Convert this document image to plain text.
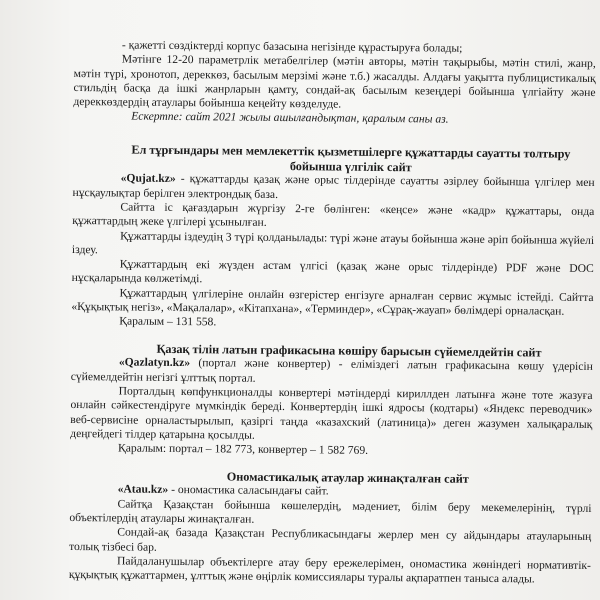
- қажетті сөздіктерді корпус базасына негізінде құрастыруға болады;

Мәтінге 12-20 параметрлік метабелгілер (мәтін авторы, мәтін тақырыбы, мәтін стилі, жанр, мәтін түрі, хронотоп, дереккөз, басылым мерзімі және т.б.) жасалды. Алдағы уақытта публицистикалық стильдің басқа да ішкі жанрларын қамту, сондай-ақ басылым кезеңдері бойынша үлгіайту және дереккөздердің атаулары бойынша кеңейту көзделуде.

Ескертпе: сайт 2021 жылы ашылғандықтан, қаралым саны аз.

Ел тұрғындары мен мемлекеттік қызметшілерге құжаттарды сауатты толтыру бойынша үлгілік сайт

«Qujat.kz» - құжаттарды қазақ және орыс тілдерінде сауатты әзірлеу бойынша үлгілер мен нұсқаулықтар берілген электрондық база.

Сайтта іс қағаздарын жүргізу 2-ге бөлінген: «кеңсе» және «кадр» құжаттары, онда құжаттардың жеке үлгілері ұсынылған.

Құжаттарды іздеудің 3 түрі қолданылады: түрі және атауы бойынша және әріп бойынша жүйелі іздеу.

Құжаттардың екі жүзден астам үлгісі (қазақ және орыс тілдерінде) PDF және DOC нұсқаларында көлжетімді.

Құжаттардың үлгілеріне онлайн өзгерістер енгізуге арналған сервис жұмыс істейді. Сайтта «Құқықтық негіз», «Мақалалар», «Кітапхана», «Терминдер», «Сұрақ-жауап» бөлімдері орналасқан.

Қаралым – 131 558.

Қазақ тілін латын графикасына көшіру барысын сүйемелдейтін сайт

«Qazlatyn.kz» (портал және конвертер) - еліміздегі латын графикасына көшу үдерісін сүйемелдейтін негізгі ұлттық портал.

Порталдың көпфункционалды конвертері мәтіндерді кириллден латынға және тоте жазуға онлайн сәйкестендіруге мүмкіндік береді. Конвертердің ішкі ядросы (кодтары) «Яндекс переводчик» веб-сервисіне орналастырылып, қазіргі таңда «казахский (латиница)» деген жазумен халықаралық деңгейдегі тілдер қатарына қосылды.

Қаралым: портал – 182 773, конвертер – 1 582 769.

Ономастикалық атаулар жинақталған сайт

«Atau.kz» - ономастика саласындағы сайт.

Сайтқа Қазақстан бойынша көшелердің, мәдениет, білім беру мекемелерінің, түрлі объектілердің атаулары жинақталған.

Сондай-ақ базада Қазақстан Республикасындағы жерлер мен су айдындары атауларының толық тізбесі бар.

Пайдаланушылар объектілерге атау беру ережелерімен, ономастика жөніндегі нормативтік-құқықтық құжаттармен, ұлттық және өңірлік комиссиялары туралы ақпаратпен таныса алады.
